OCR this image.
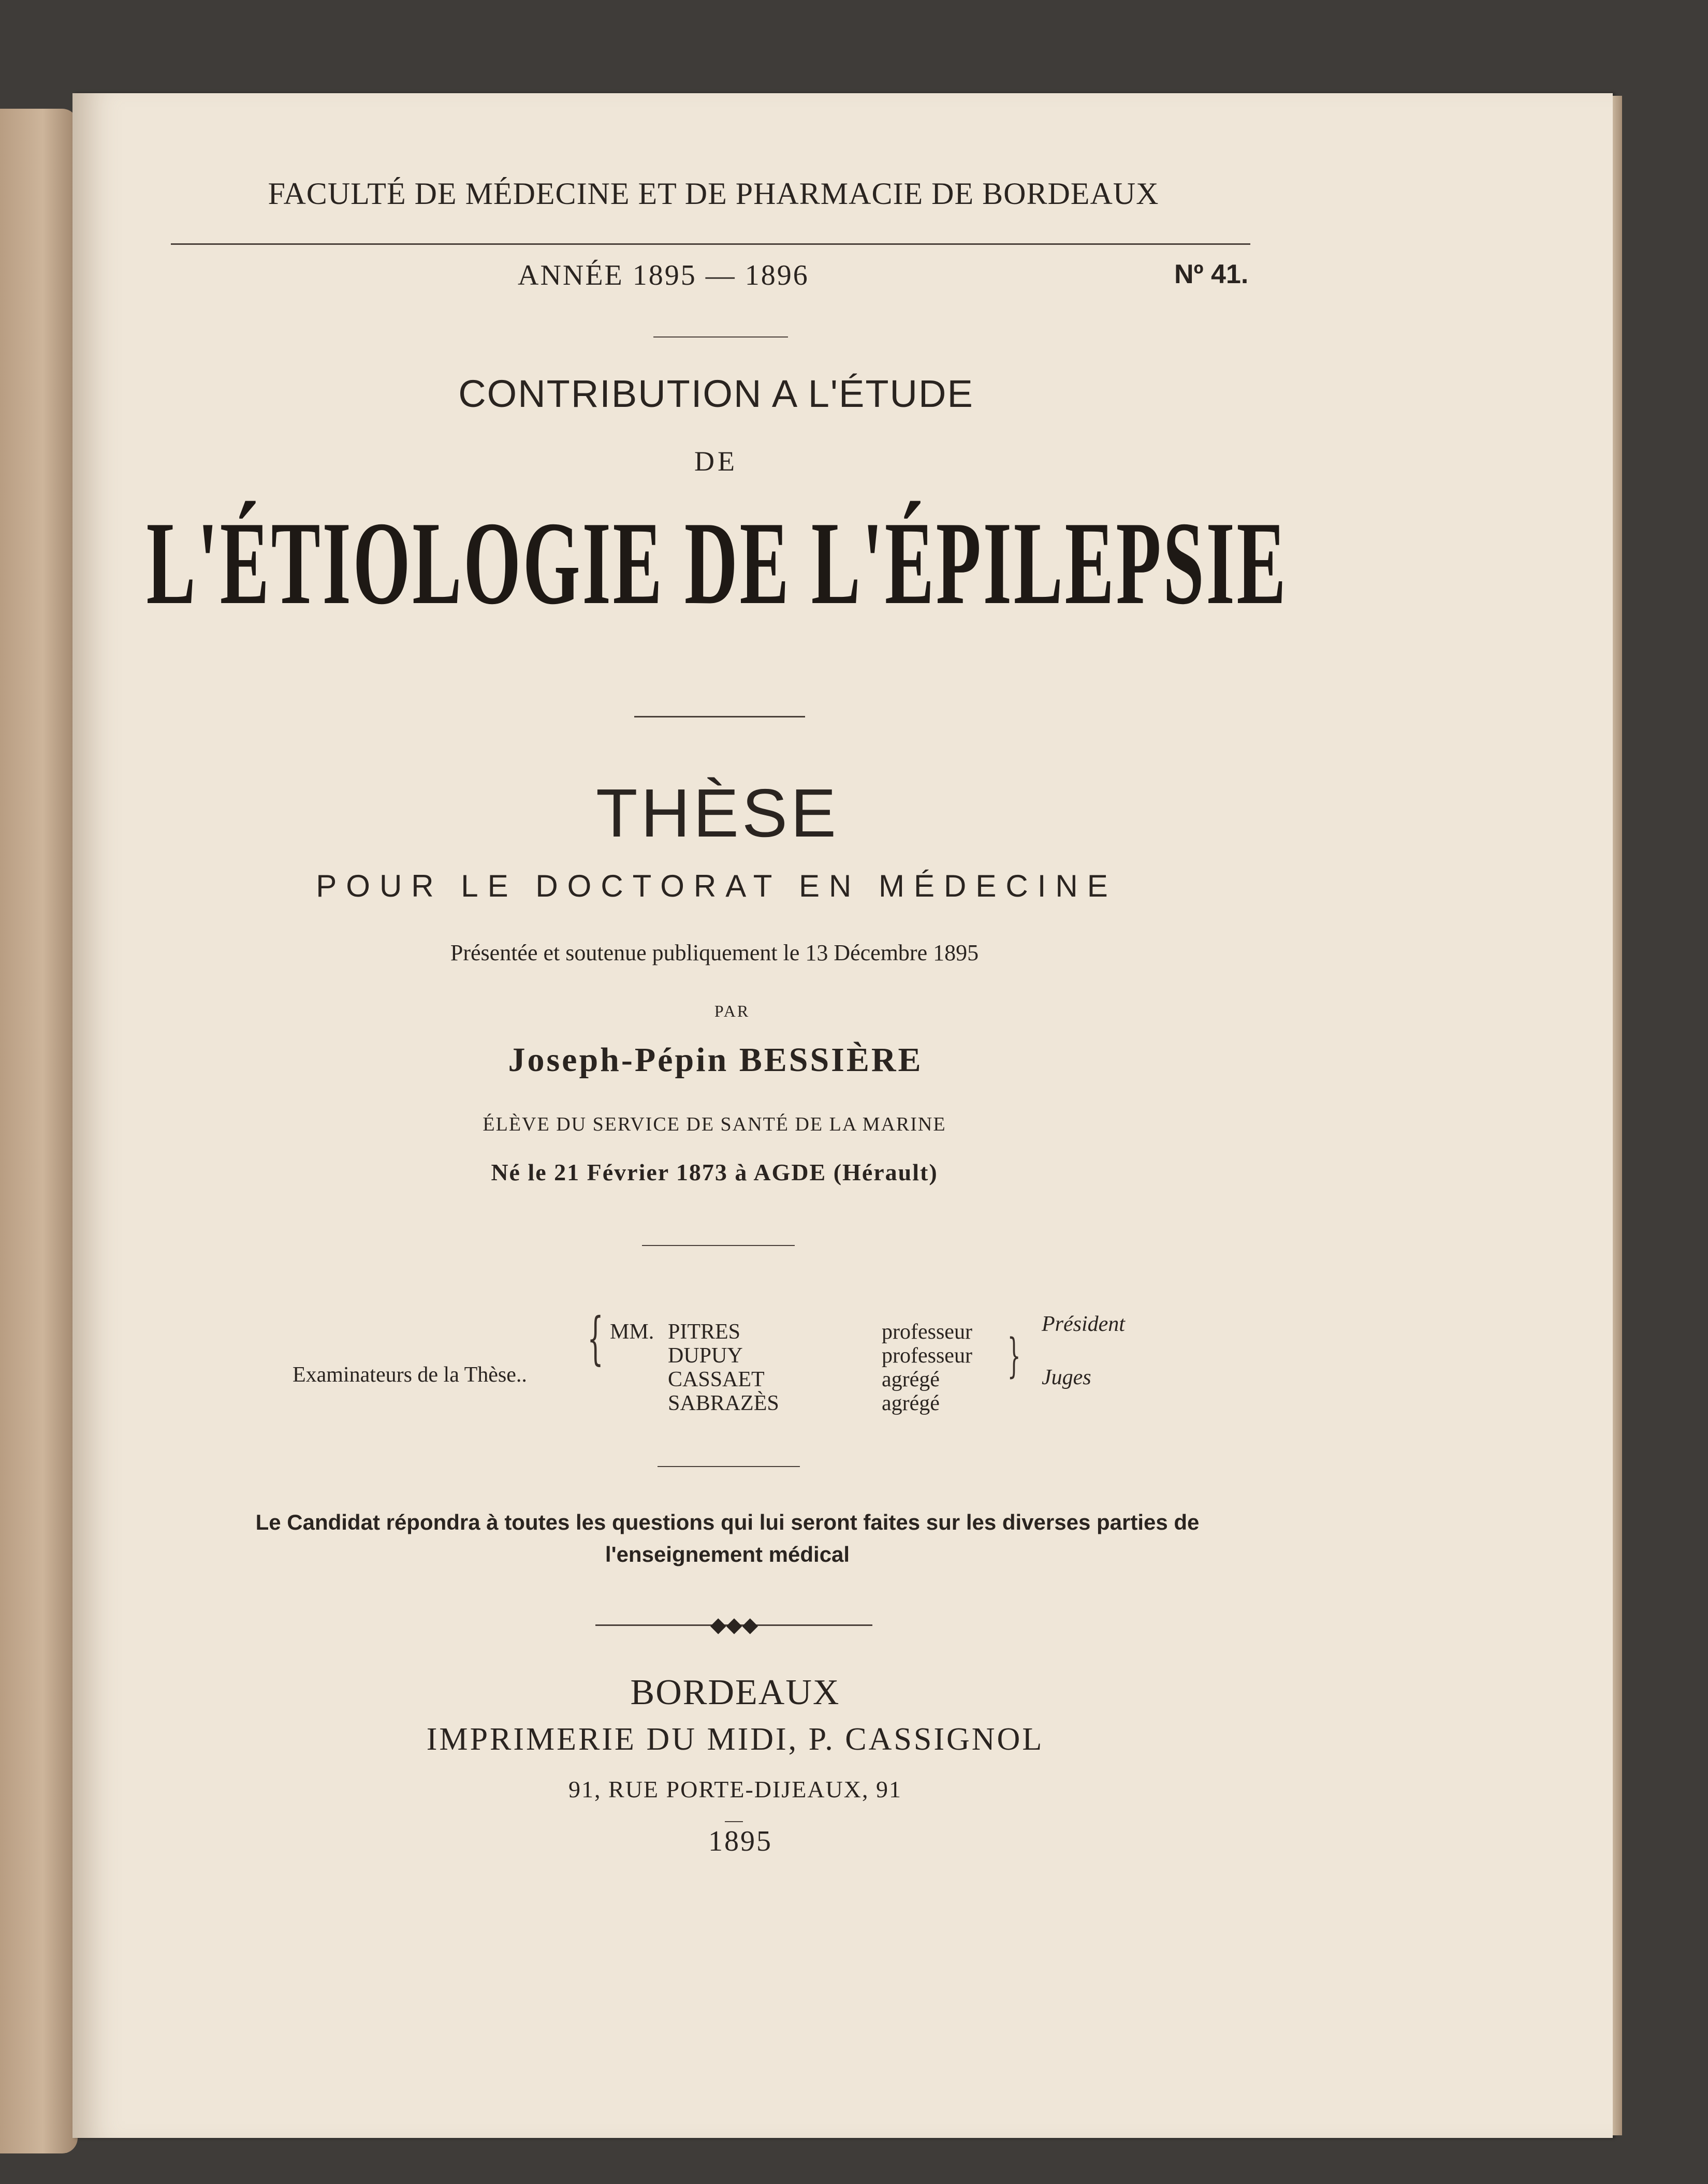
FACULTÉ DE MÉDECINE ET DE PHARMACIE DE BORDEAUX
ANNÉE 1895 — 1896	Nº 41.
CONTRIBUTION A L'ÉTUDE
DE
L'ÉTIOLOGIE DE L'ÉPILEPSIE
THÈSE
POUR LE DOCTORAT EN MÉDECINE
Présentée et soutenue publiquement le 13 Décembre 1895
PAR
Joseph-Pépin BESSIÈRE
ÉLÈVE DU SERVICE DE SANTÉ DE LA MARINE
Né le 21 Février 1873 à AGDE (Hérault)
Examinateurs de la Thèse..
{ MM. PITRES
DUPUY
CASSAET
SABRAZÈS
professeur
professeur
agrégé
agrégé
}
Président
Juges
Le Candidat répondra à toutes les questions qui lui seront faites sur les diverses parties de l'enseignement médical
◆◆◆
BORDEAUX
IMPRIMERIE DU MIDI, P. CASSIGNOL
91, RUE PORTE-DIJEAUX, 91
1895
